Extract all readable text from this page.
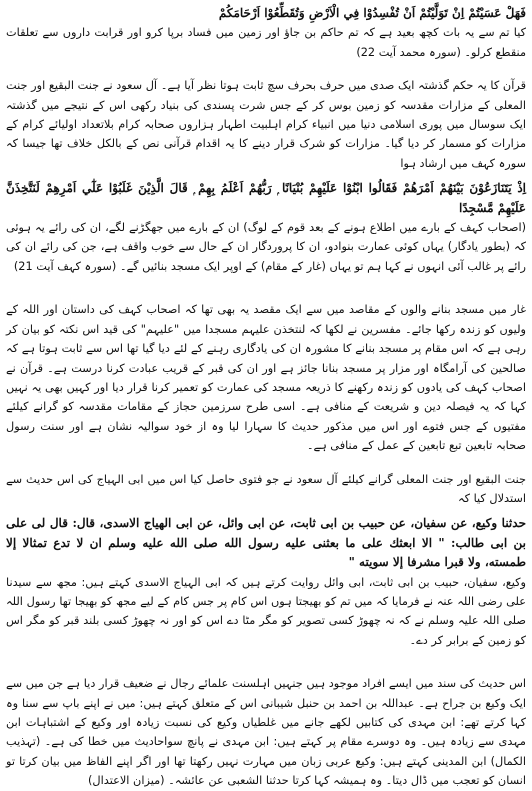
فَهَلْ عَسَيْتُمْ اِنْ تَوَلَّيْتُمْ اَنْ تُفْسِدُوْا فِي الْاَرْضِ وَتُقَطِّعُوْا اَرْحَامَكُمْ

کیا تم سے یہ بات کچھ بعید ہے کہ تم حاکم بن جاؤ اور زمین میں فساد برپا کرو اور قرابت داروں سے تعلقات منقطع کرلو۔ (سورہ محمد آیت 22)

قرآن کا یہ حکم گذشتہ ایک صدی میں حرف بحرف سچ ثابت ہوتا نظر آیا ہے۔ آل سعود نے جنت البقیع اور جنت المعلی کے مزارات مقدسہ کو زمین بوس کر کے جس شرت پسندی کی بنیاد رکھی اس کے نتیجے میں گذشتہ ایک سوسال میں پوری اسلامی دنیا میں انبیاء کرام اہلبیت اطہار ہزاروں صحابہ کرام بلاتعداد اولیائے کرام کے مزارات کو مسمار کر دیا گیا۔ مزارات کو شرک قرار دینے کا یہ اقدام قرآنی نص کے بالکل خلاف تھا جیسا کہ سورہ کہف میں ارشاد ہوا

اِذْ يَتَنَازَعُوْنَ بَيْنَهُمْ اَمْرَهُمْ فَقَالُوا ابْنُوْا عَلَيْهِمْ بُنْيَانًا ۭ رَبُّهُمْ اَعْلَمُ بِهِمْ ۭ قَالَ الَّذِيْنَ غَلَبُوْا عَلٰٓي اَمْرِهِمْ لَنَتَّخِذَنَّ عَلَيْهِمْ مَّسْجِدًا

(اصحاب کہف کے بارے میں اطلاع ہونے کے بعد قوم کے لوگ) ان کے بارے میں جھگڑنے لگے، ان کی رائے یہ ہوئی کہ (بطور یادگار) یہاں کوئی عمارت بنوادو، ان کا پروردگار ان کے حال سے خوب واقف ہے، جن کی رائے ان کی رائے پر غالب آئی انہوں نے کہا ہم تو یہاں (غار کے مقام) کے اوپر ایک مسجد بنائیں گے۔ (سورہ کہف آیت 21)

غار میں مسجد بنانے والوں کے مقاصد میں سے ایک مقصد یہ بھی تھا کہ اصحاب کہف کی داستان اور اللہ کے ولیوں کو زندہ رکھا جائے۔ مفسرین نے لکھا کہ لنتخذن علیہم مسجدا میں "علیہم" کی قید اس نکتہ کو بیان کر رہی ہے کہ اس مقام پر مسجد بنانے کا مشورہ ان کی یادگاری رہنے کے لئے دیا گیا تھا اس سے ثابت ہوتا ہے کہ صالحین کی آرامگاہ اور مزار پر مسجد بنانا جائز ہے اور ان کی قبر کے قریب عبادت کرنا درست ہے۔ قرآن نے اصحاب کہف کی یادوں کو زندہ رکھنے کا ذریعہ مسجد کی عمارت کو تعمیر کرنا قرار دیا اور کہیں بھی یہ نہیں کہا کہ یہ فیصلہ دین و شریعت کے منافی ہے۔ اسی طرح سرزمین حجاز کے مقامات مقدسہ کو گرانے کیلئے مفتیوں کے جس فتوے اور اس میں مذکور حدیث کا سہارا لیا وہ از خود سوالیہ نشان ہے اور سنت رسول صحابہ تابعین تبع تابعین کے عمل کے منافی ہے۔

جنت البقیع اور جنت المعلی گرانے کیلئے آل سعود نے جو فتوی حاصل کیا اس میں ابی الہیاج کی اس حدیث سے استدلال کیا کہ

حدثنا وکیع، عن سفیان، عن حبیب بن ابی ثابت، عن ابی وائل، عن ابی الهیاج الاسدی، قال: قال لی علی بن ابی طالب: " الا ابعثك علی ما بعثنی علیه رسول الله صلی الله علیه وسلم ان لا تدع تمثالا إلا طمسته، ولا قبرا مشرفا إلا سويته "

وکیع، سفیان، حبیب بن ابی ثابت، ابی وائل روایت کرتے ہیں کہ ابی الہیاج الاسدی کہتے ہیں: مجھ سے سیدنا علی رضی اللہ عنہ نے فرمایا کہ میں تم کو بھیجتا ہوں اس کام پر جس کام کے لیے مجھ کو بھیجا تھا رسول اللہ صلی اللہ علیہ وسلم نے کہ نہ چھوڑ کسی تصویر کو مگر مٹا دے اس کو اور نہ چھوڑ کسی بلند قبر کو مگر اس کو زمین کے برابر کر دے۔

اس حدیث کی سند میں ایسے افراد موجود ہیں جنہیں اہلسنت علمائے رجال نے ضعیف قرار دیا ہے جن میں سے ایک وکیع بن جراح ہے۔ عبداللہ بن احمد بن حنبل شیبانی اس کے متعلق کہتے ہیں: میں نے اپنے باپ سے سنا وہ کہا کرتے تھے: ابن مہدی کی کتابیں لکھے جانے میں غلطیاں وکیع کی نسبت زیادہ اور وکیع کے اشتباہات ابن مہدی سے زیادہ ہیں۔ وہ دوسرے مقام پر کہتے ہیں: ابن مہدی نے پانچ سواحادیث میں خطا کی ہے۔ (تہذیب الکمال) ابن المدینی کہتے ہیں: وکیع عربی زبان میں مہارت نہیں رکھتا تھا اور اگر اپنے الفاظ میں بیان کرتا تو انسان کو تعجب میں ڈال دیتا۔ وہ ہمیشہ کہا کرتا حدثنا الشعبی عن عائشہ۔ (میزان الاعتدال)
